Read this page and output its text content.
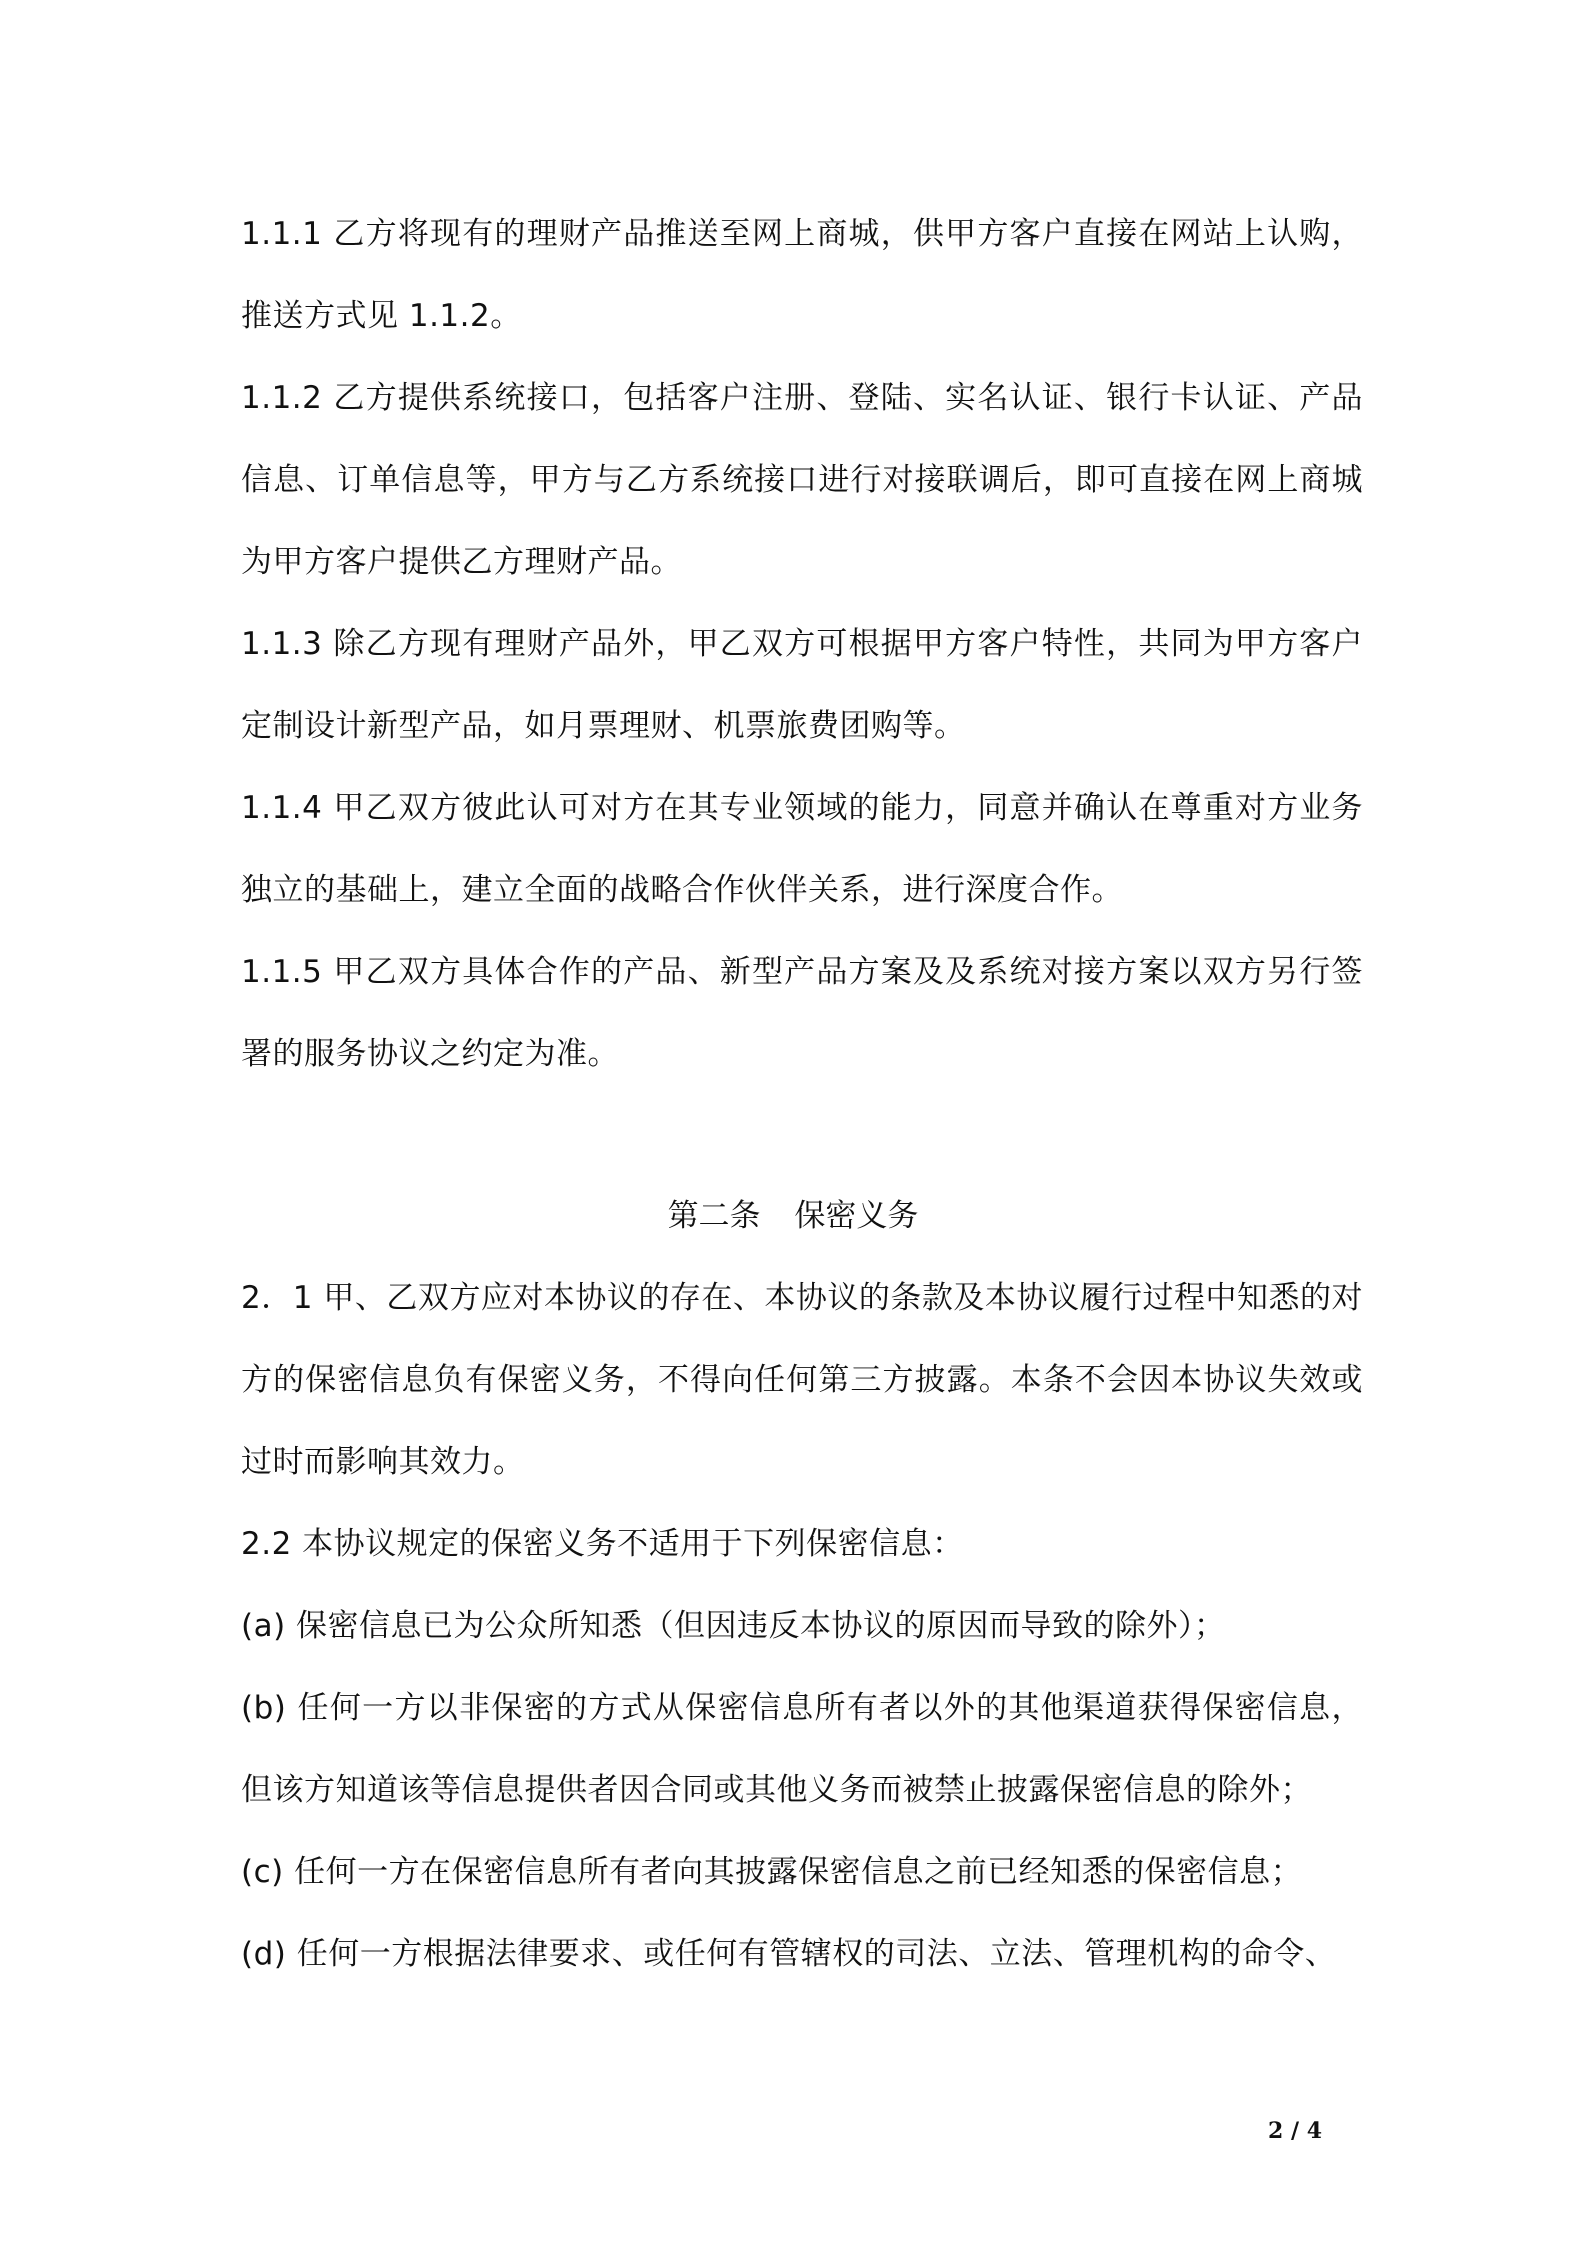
1.1.1 乙方将现有的理财产品推送至网上商城，供甲方客户直接在网站上认购，推送方式见 1.1.2。

1.1.2 乙方提供系统接口，包括客户注册、登陆、实名认证、银行卡认证、产品信息、订单信息等，甲方与乙方系统接口进行对接联调后，即可直接在网上商城为甲方客户提供乙方理财产品。

1.1.3 除乙方现有理财产品外，甲乙双方可根据甲方客户特性，共同为甲方客户定制设计新型产品，如月票理财、机票旅费团购等。

1.1.4 甲乙双方彼此认可对方在其专业领域的能力，同意并确认在尊重对方业务独立的基础上，建立全面的战略合作伙伴关系，进行深度合作。

1.1.5 甲乙双方具体合作的产品、新型产品方案及及系统对接方案以双方另行签署的服务协议之约定为准。

第二条 保密义务

2．1 甲、乙双方应对本协议的存在、本协议的条款及本协议履行过程中知悉的对方的保密信息负有保密义务，不得向任何第三方披露。本条不会因本协议失效或过时而影响其效力。

2.2 本协议规定的保密义务不适用于下列保密信息：

(a) 保密信息已为公众所知悉（但因违反本协议的原因而导致的除外）；

(b) 任何一方以非保密的方式从保密信息所有者以外的其他渠道获得保密信息，但该方知道该等信息提供者因合同或其他义务而被禁止披露保密信息的除外；

(c) 任何一方在保密信息所有者向其披露保密信息之前已经知悉的保密信息；

(d) 任何一方根据法律要求、或任何有管辖权的司法、立法、管理机构的命令、

2 / 4
